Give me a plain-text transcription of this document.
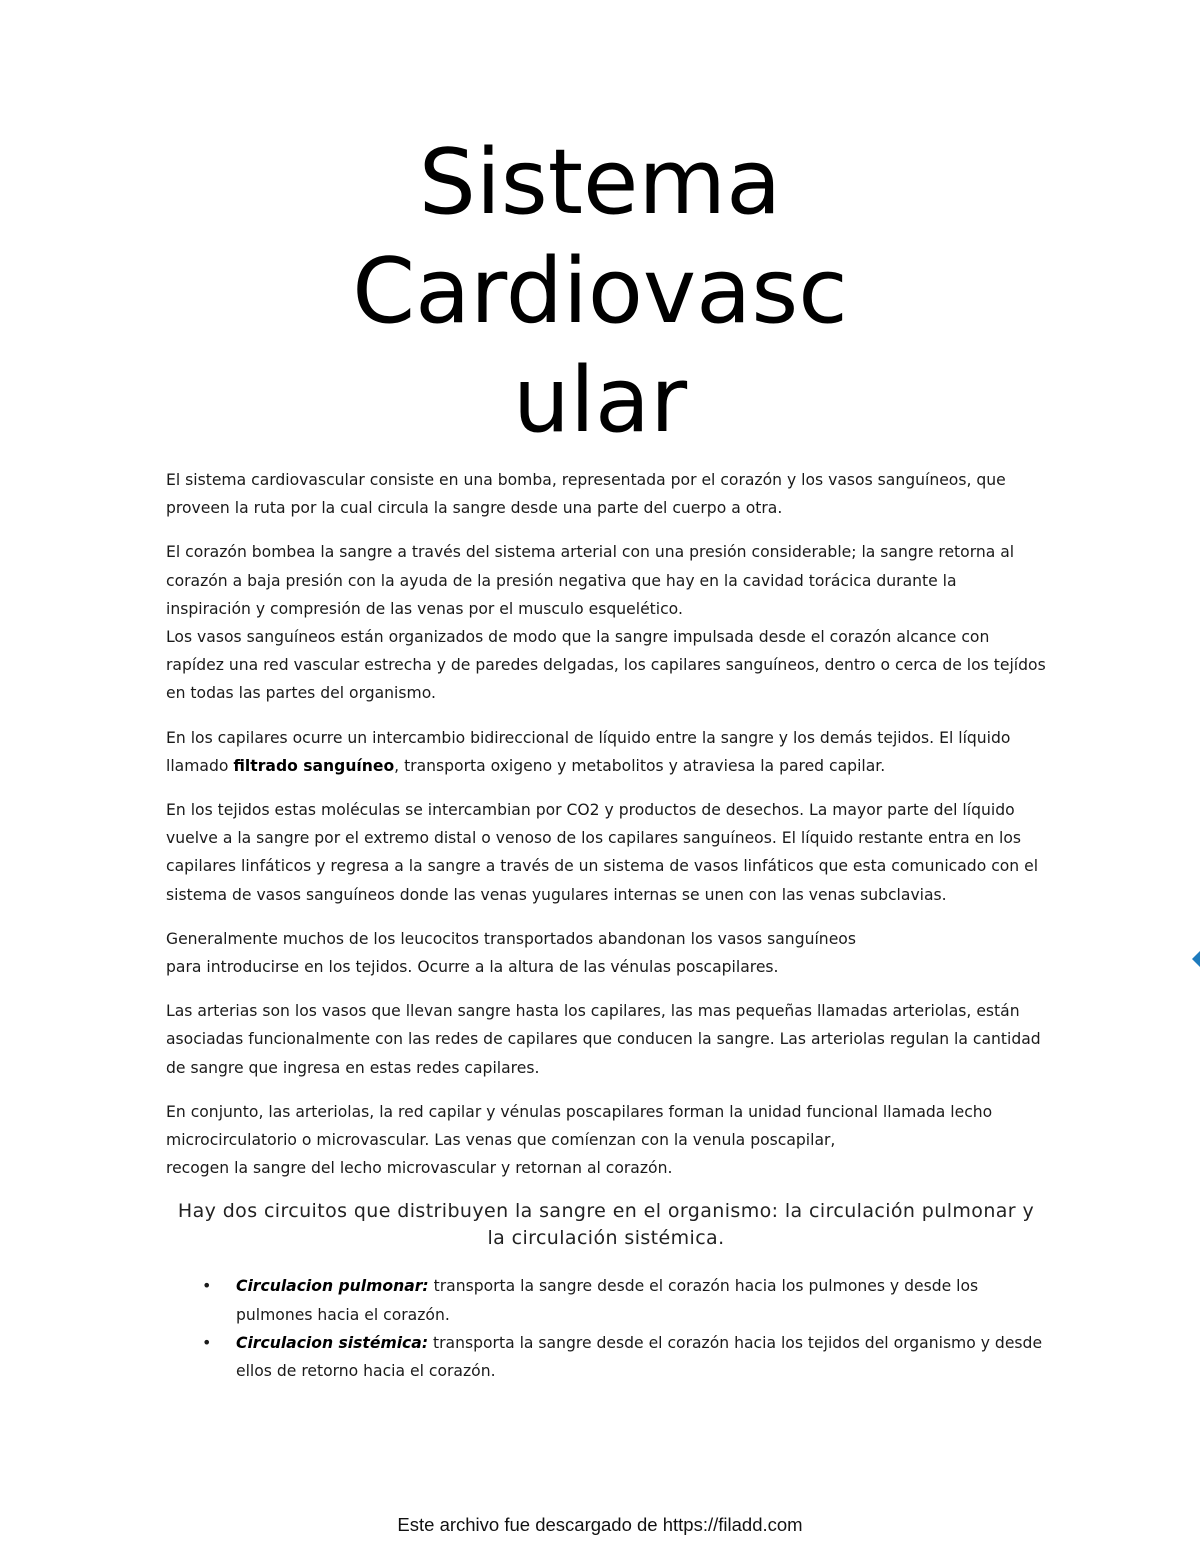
Sistema
Cardiovasc
ular

El sistema cardiovascular consiste en una bomba, representada por el corazón y los vasos sanguíneos, que proveen la ruta por la cual circula la sangre desde una parte del cuerpo a otra.

El corazón bombea la sangre a través del sistema arterial con una presión considerable; la sangre retorna al corazón a baja presión con la ayuda de la presión negativa que hay en la cavidad torácica durante la inspiración y compresión de las venas por el musculo esquelético.

Los vasos sanguíneos están organizados de modo que la sangre impulsada desde el corazón alcance con rapídez una red vascular estrecha y de paredes delgadas, los capilares sanguíneos, dentro o cerca de los tejídos en todas las partes del organismo.

En los capilares ocurre un intercambio bidireccional de líquido entre la sangre y los demás tejidos. El líquido llamado filtrado sanguíneo, transporta oxigeno y metabolitos y atraviesa la pared capilar.

En los tejidos estas moléculas se intercambian por CO2 y productos de desechos. La mayor parte del líquido vuelve a la sangre por el extremo distal o venoso de los capilares sanguíneos. El líquido restante entra en los capilares linfáticos y regresa a la sangre a través de un sistema de vasos linfáticos que esta comunicado con el sistema de vasos sanguíneos donde las venas yugulares internas se unen con las venas subclavias.

Generalmente muchos de los leucocitos transportados abandonan los vasos sanguíneos
para introducirse en los tejidos. Ocurre a la altura de las vénulas poscapilares.

Las arterias son los vasos que llevan sangre hasta los capilares, las mas pequeñas llamadas arteriolas, están asociadas funcionalmente con las redes de capilares que conducen la sangre. Las arteriolas regulan la cantidad de sangre que ingresa en estas redes capilares.

En conjunto, las arteriolas, la red capilar y vénulas poscapilares forman la unidad funcional llamada lecho microcirculatorio o microvascular. Las venas que comíenzan con la venula poscapilar,
recogen la sangre del lecho microvascular y retornan al corazón.

Hay dos circuitos que distribuyen la sangre en el organismo: la circulación pulmonar y la circulación sistémica.
• Circulacion pulmonar: transporta la sangre desde el corazón hacia los pulmones y desde los pulmones hacia el corazón.
• Circulacion sistémica: transporta la sangre desde el corazón hacia los tejidos del organismo y desde ellos de retorno hacia el corazón.
Este archivo fue descargado de https://filadd.com
